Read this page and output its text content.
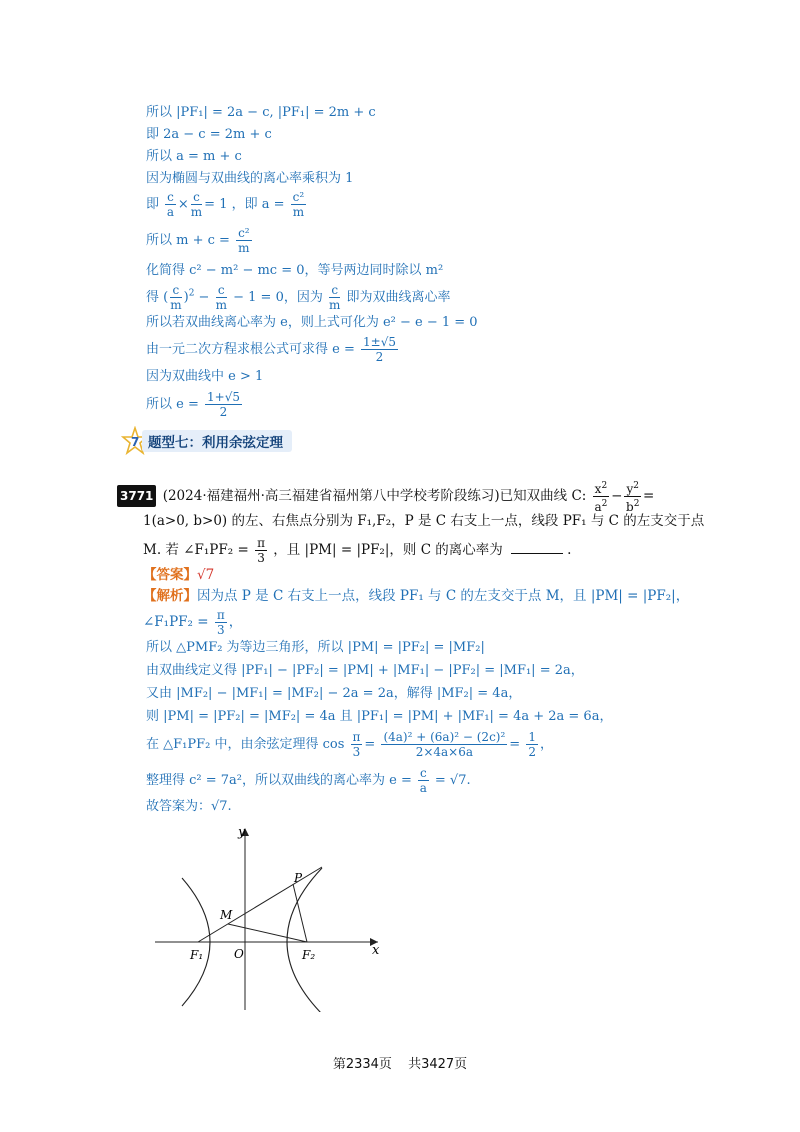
所以 |PF₁| = 2a − c, |PF₁| = 2m + c
即 2a − c = 2m + c
所以 a = m + c
因为椭圆与双曲线的离心率乘积为 1
即 $\frac{c}{a} \times \frac{c}{m} = 1$ ，即 $a = \frac{\text{c²}}{m}$
所以 $m + c = \frac{\text{c²}}{m}$
化简得 c² − m² − mc = 0，等号两边同时除以 m²
得 ( $\frac{c}{m} )^2 - \frac{c}{m} - 1 = 0$，因为 $\frac{c}{m}$ 即为双曲线离心率
所以若双曲线离心率为 e，则上式可化为 e² − e − 1 = 0
由一元二次方程求根公式可求得 $e = \frac{1\pm√5}{2}$
因为双曲线中 e > 1
所以 $e = \frac{1+√5}{2}$
7 题型七：利用余弦定理
3771 (2024·福建福州·高三福建省福州第八中学校考阶段练习)已知双曲线 C: $\frac{x^2}{a^2} - \frac{y^2}{b^2}$ =
1(a>0, b>0) 的左、右焦点分别为 F₁,F₂，P 是 C 右支上一点，线段 PF₁ 与 C 的左支交于点
M. 若 ∠F₁PF₂ = $\frac{\pi}{3}$ ，且 |PM| = |PF₂|，则 C 的离心率为	.
【答案】√7
【解析】因为点 P 是 C 右支上一点，线段 PF₁ 与 C 的左支交于点 M，且 |PM| = |PF₂|，
∠F₁PF₂ = $\frac{\pi}{3}$ ，
所以 △PMF₂ 为等边三角形，所以 |PM| = |PF₂| = |MF₂|
由双曲线定义得 |PF₁| − |PF₂| = |PM| + |MF₁| − |PF₂| = |MF₁| = 2a，
又由 |MF₂| − |MF₁| = |MF₂| − 2a = 2a，解得 |MF₂| = 4a，
则 |PM| = |PF₂| = |MF₂| = 4a 且 |PF₁| = |PM| + |MF₁| = 4a + 2a = 6a，
在 △F₁PF₂ 中，由余弦定理得 $\cos \frac{\pi}{3} = \frac{\text{(4a)² + (6a)² − (2c)²}}{2\times 4a\times 6a} = \frac{1}{2}$ ，
整理得 c² = 7a²，所以双曲线的离心率为 $e = \frac{c}{a} = √7$.
故答案为：√7.
y
x
O
F₁	F₂
M
P
第2334页 共3427页
